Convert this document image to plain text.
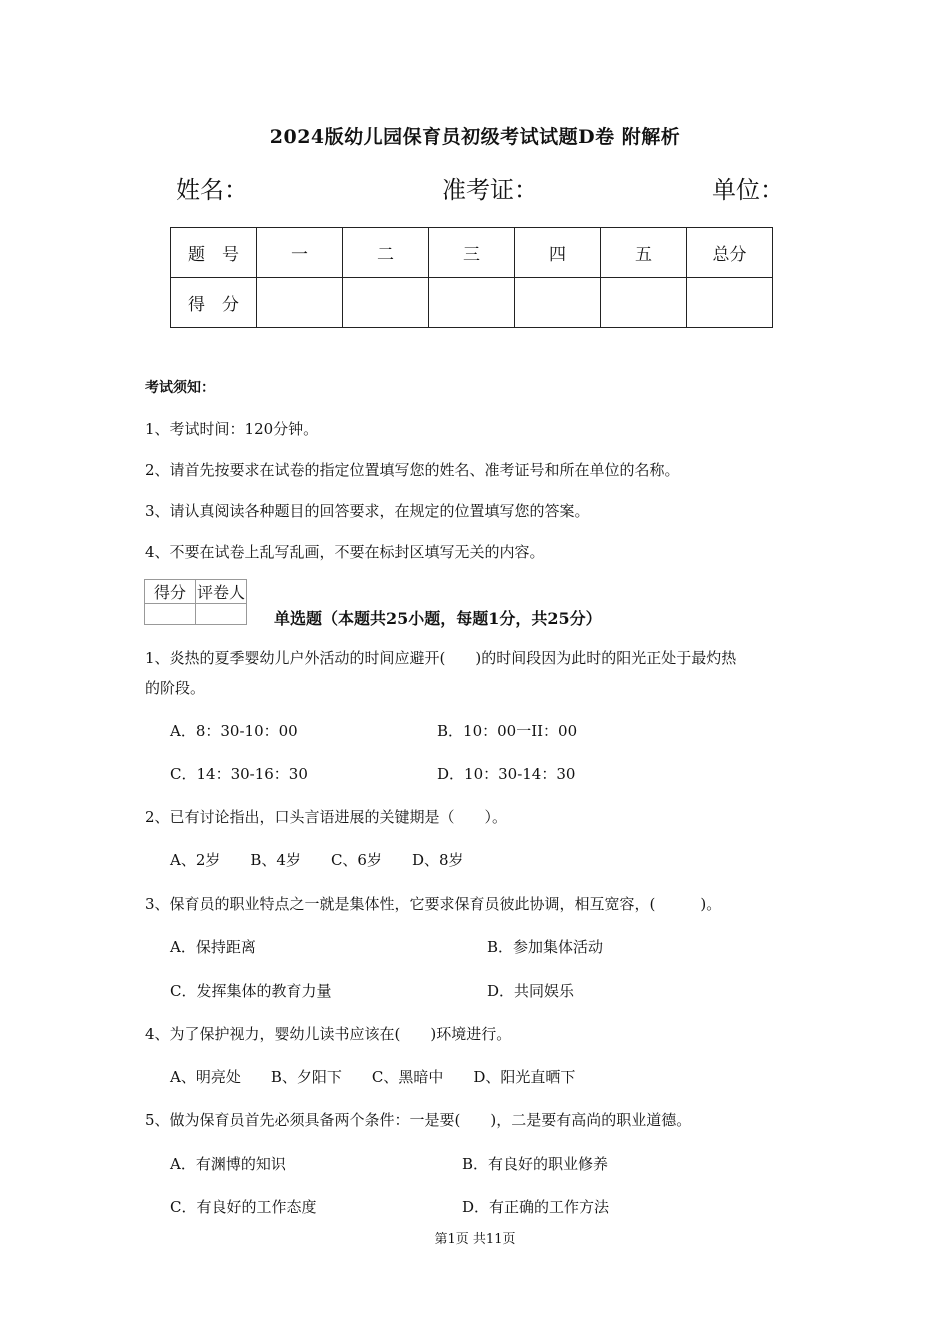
2024版幼儿园保育员初级考试试题D卷 附解析
姓名：	准考证：	单位：
题　号	一	二	三	四	五	总分
得　分						
考试须知：
1、考试时间：120分钟。
2、请首先按要求在试卷的指定位置填写您的姓名、准考证号和所在单位的名称。
3、请认真阅读各种题目的回答要求，在规定的位置填写您的答案。
4、不要在试卷上乱写乱画，不要在标封区填写无关的内容。
得分	评卷人

单选题（本题共25小题，每题1分，共25分）
1、炎热的夏季婴幼儿户外活动的时间应避开(　　)的时间段因为此时的阳光正处于最灼热
的阶段。
A．8：30-10：00	B．10：00一II：00
C．14：30-16：30	D．10：30-14：30
2、已有讨论指出，口头言语进展的关键期是（　　）。
A、2岁　　B、4岁　　C、6岁　　D、8岁
3、保育员的职业特点之一就是集体性，它要求保育员彼此协调，相互宽容，(　　　)。
A．保持距离	B．参加集体活动
C．发挥集体的教育力量	D．共同娱乐
4、为了保护视力，婴幼儿读书应该在(　　)环境进行。
A、明亮处　　B、夕阳下　　C、黑暗中　　D、阳光直晒下
5、做为保育员首先必须具备两个条件：一是要(　　)，二是要有高尚的职业道德。
A．有渊博的知识	B．有良好的职业修养
C．有良好的工作态度	D．有正确的工作方法
第1页 共11页
